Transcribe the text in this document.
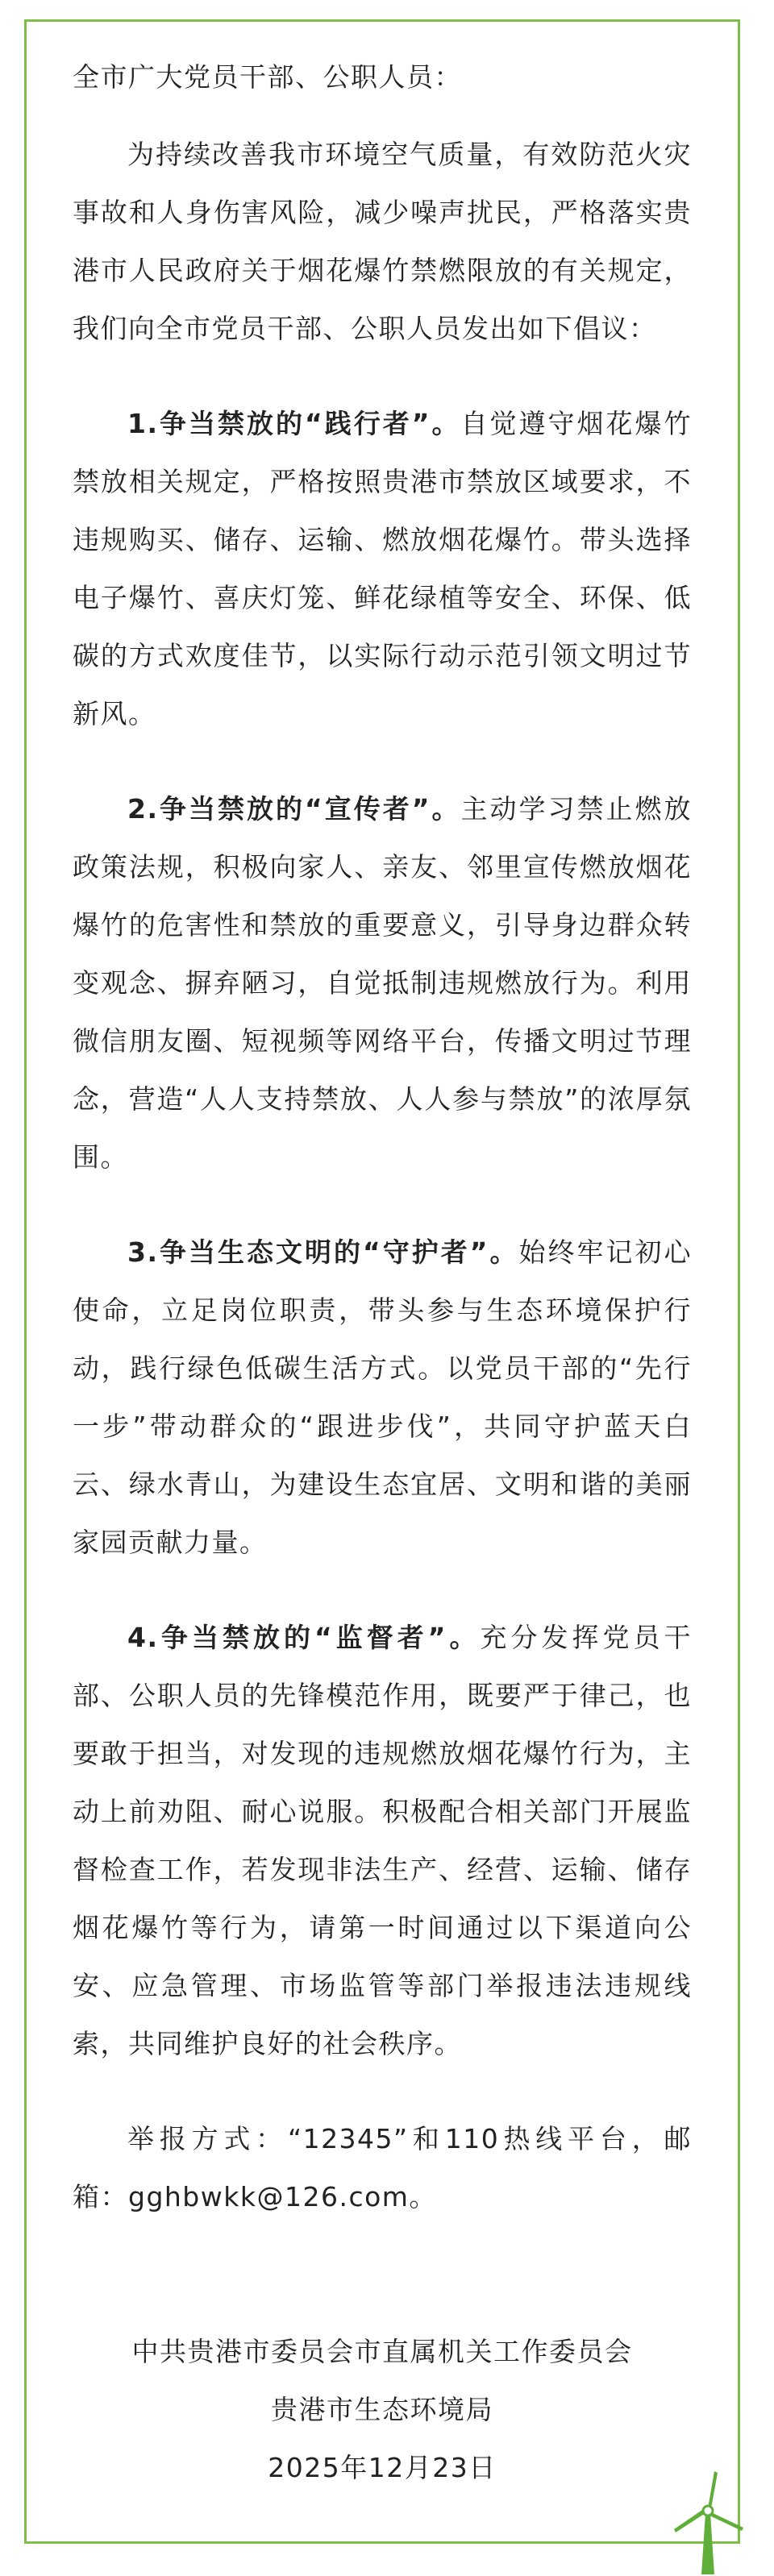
全市广大党员干部、公职人员：

为持续改善我市环境空气质量，有效防范火灾事故和人身伤害风险，减少噪声扰民，严格落实贵港市人民政府关于烟花爆竹禁燃限放的有关规定，我们向全市党员干部、公职人员发出如下倡议：

1.争当禁放的“践行者”。自觉遵守烟花爆竹禁放相关规定，严格按照贵港市禁放区域要求，不违规购买、储存、运输、燃放烟花爆竹。带头选择电子爆竹、喜庆灯笼、鲜花绿植等安全、环保、低碳的方式欢度佳节，以实际行动示范引领文明过节新风。

2.争当禁放的“宣传者”。主动学习禁止燃放政策法规，积极向家人、亲友、邻里宣传燃放烟花爆竹的危害性和禁放的重要意义，引导身边群众转变观念、摒弃陋习，自觉抵制违规燃放行为。利用微信朋友圈、短视频等网络平台，传播文明过节理念，营造“人人支持禁放、人人参与禁放”的浓厚氛围。

3.争当生态文明的“守护者”。始终牢记初心使命，立足岗位职责，带头参与生态环境保护行动，践行绿色低碳生活方式。以党员干部的“先行一步”带动群众的“跟进步伐”，共同守护蓝天白云、绿水青山，为建设生态宜居、文明和谐的美丽家园贡献力量。

4.争当禁放的“监督者”。充分发挥党员干部、公职人员的先锋模范作用，既要严于律己，也要敢于担当，对发现的违规燃放烟花爆竹行为，主动上前劝阻、耐心说服。积极配合相关部门开展监督检查工作，若发现非法生产、经营、运输、储存烟花爆竹等行为，请第一时间通过以下渠道向公安、应急管理、市场监管等部门举报违法违规线索，共同维护良好的社会秩序。

举报方式：“12345”和110热线平台，邮箱：gghbwkk@126.com。

中共贵港市委员会市直属机关工作委员会
贵港市生态环境局
2025年12月23日
